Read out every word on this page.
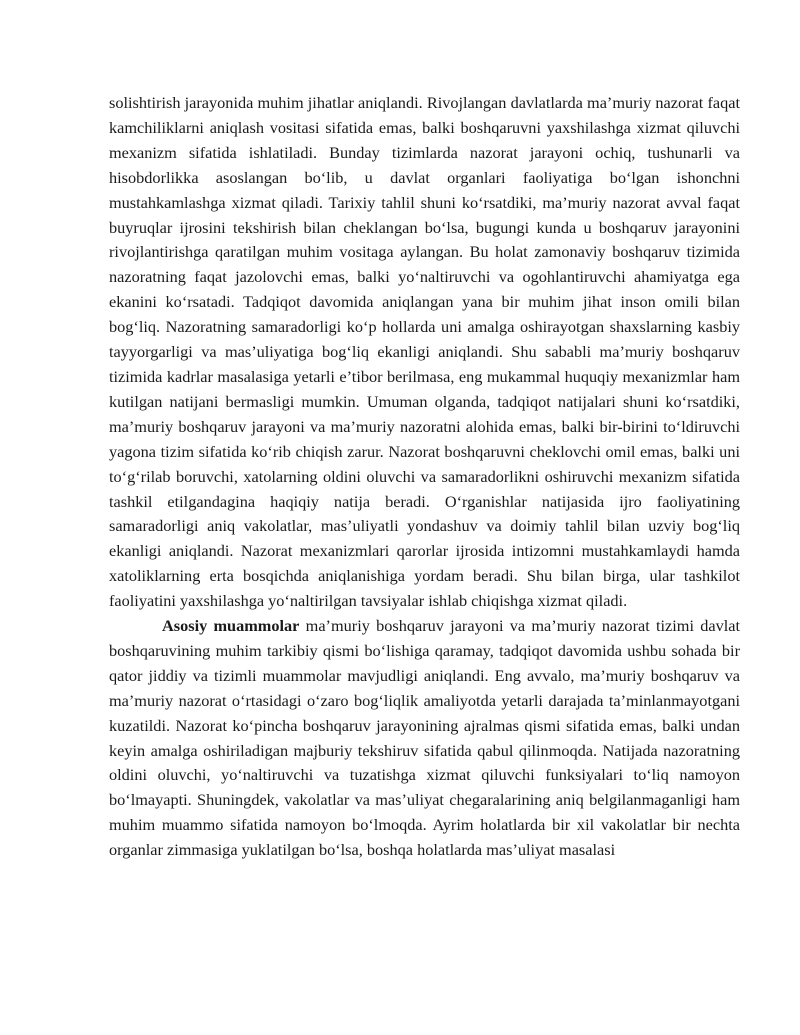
solishtirish jarayonida muhim jihatlar aniqlandi. Rivojlangan davlatlarda ma’muriy nazorat faqat kamchiliklarni aniqlash vositasi sifatida emas, balki boshqaruvni yaxshilashga xizmat qiluvchi mexanizm sifatida ishlatiladi. Bunday tizimlarda nazorat jarayoni ochiq, tushunarli va hisobdorlikka asoslangan bo‘lib, u davlat organlari faoliyatiga bo‘lgan ishonchni mustahkamlashga xizmat qiladi. Tarixiy tahlil shuni ko‘rsatdiki, ma’muriy nazorat avval faqat buyruqlar ijrosini tekshirish bilan cheklangan bo‘lsa, bugungi kunda u boshqaruv jarayonini rivojlantirishga qaratilgan muhim vositaga aylangan. Bu holat zamonaviy boshqaruv tizimida nazoratning faqat jazolovchi emas, balki yo‘naltiruvchi va ogohlantiruvchi ahamiyatga ega ekanini ko‘rsatadi. Tadqiqot davomida aniqlangan yana bir muhim jihat inson omili bilan bog‘liq. Nazoratning samaradorligi ko‘p hollarda uni amalga oshirayotgan shaxslarning kasbiy tayyorgarligi va mas’uliyatiga bog‘liq ekanligi aniqlandi. Shu sababli ma’muriy boshqaruv tizimida kadrlar masalasiga yetarli e’tibor berilmasa, eng mukammal huquqiy mexanizmlar ham kutilgan natijani bermasligi mumkin. Umuman olganda, tadqiqot natijalari shuni ko‘rsatdiki, ma’muriy boshqaruv jarayoni va ma’muriy nazoratni alohida emas, balki bir-birini to‘ldiruvchi yagona tizim sifatida ko‘rib chiqish zarur. Nazorat boshqaruvni cheklovchi omil emas, balki uni to‘g‘rilab boruvchi, xatolarning oldini oluvchi va samaradorlikni oshiruvchi mexanizm sifatida tashkil etilgandagina haqiqiy natija beradi. O‘rganishlar natijasida ijro faoliyatining samaradorligi aniq vakolatlar, mas’uliyatli yondashuv va doimiy tahlil bilan uzviy bog‘liq ekanligi aniqlandi. Nazorat mexanizmlari qarorlar ijrosida intizomni mustahkamlaydi hamda xatoliklarning erta bosqichda aniqlanishiga yordam beradi. Shu bilan birga, ular tashkilot faoliyatini yaxshilashga yo‘naltirilgan tavsiyalar ishlab chiqishga xizmat qiladi.

Asosiy muammolar ma’muriy boshqaruv jarayoni va ma’muriy nazorat tizimi davlat boshqaruvining muhim tarkibiy qismi bo‘lishiga qaramay, tadqiqot davomida ushbu sohada bir qator jiddiy va tizimli muammolar mavjudligi aniqlandi. Eng avvalo, ma’muriy boshqaruv va ma’muriy nazorat o‘rtasidagi o‘zaro bog‘liqlik amaliyotda yetarli darajada ta’minlanmayotgani kuzatildi. Nazorat ko‘pincha boshqaruv jarayonining ajralmas qismi sifatida emas, balki undan keyin amalga oshiriladigan majburiy tekshiruv sifatida qabul qilinmoqda. Natijada nazoratning oldini oluvchi, yo‘naltiruvchi va tuzatishga xizmat qiluvchi funksiyalari to‘liq namoyon bo‘lmayapti. Shuningdek, vakolatlar va mas’uliyat chegaralarining aniq belgilanmaganligi ham muhim muammo sifatida namoyon bo‘lmoqda. Ayrim holatlarda bir xil vakolatlar bir nechta organlar zimmasiga yuklatilgan bo‘lsa, boshqa holatlarda mas’uliyat masalasi
